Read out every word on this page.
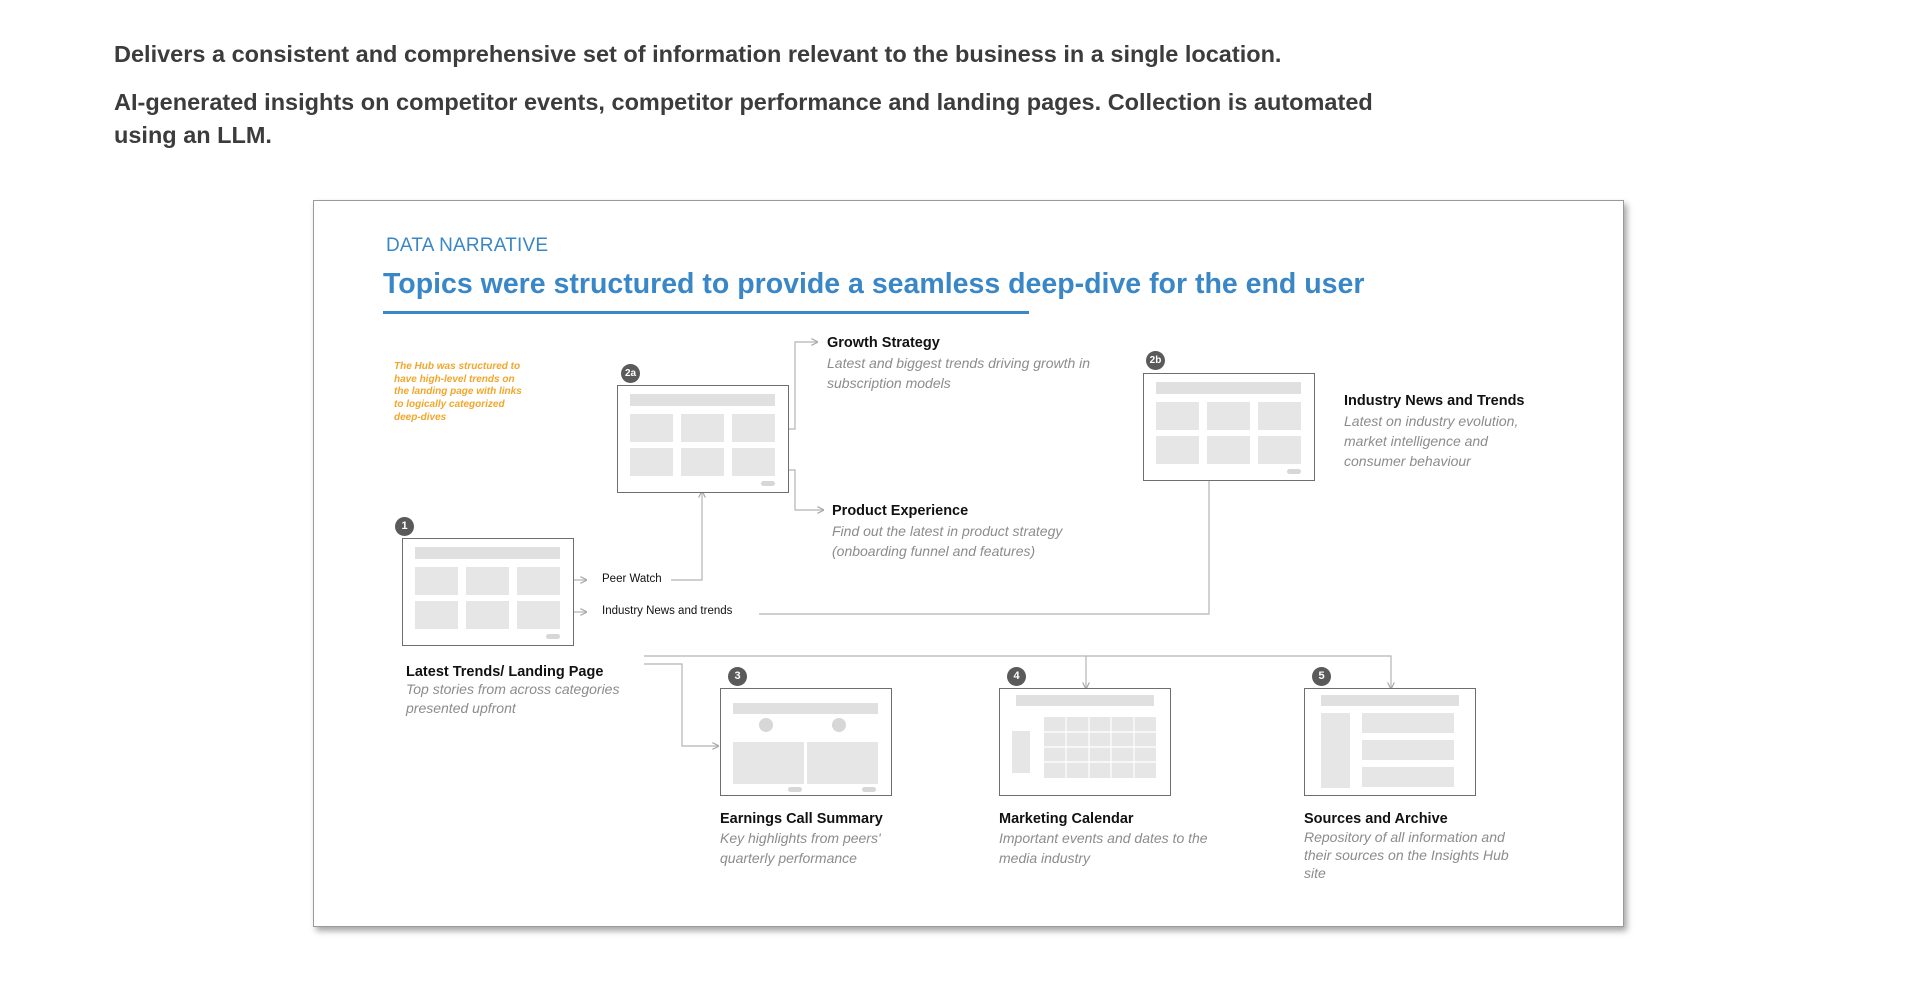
Delivers a consistent and comprehensive set of information relevant to the business in a single location.

AI-generated insights on competitor events, competitor performance and landing pages. Collection is automated using an LLM.

DATA NARRATIVE
Topics were structured to provide a seamless deep-dive for the end user
The Hub was structured to have high-level trends on the landing page with links to logically categorized deep-dives
1
Latest Trends/ Landing Page
Top stories from across categories presented upfront
Peer Watch
Industry News and trends
2a
Growth Strategy
Latest and biggest trends driving growth in subscription models
Product Experience
Find out the latest in product strategy (onboarding funnel and features)
2b
Industry News and Trends
Latest on industry evolution, market intelligence and consumer behaviour
3
Earnings Call Summary
Key highlights from peers' quarterly performance
4
Marketing Calendar
Important events and dates to the media industry
5
Sources and Archive
Repository of all information and their sources on the Insights Hub site
